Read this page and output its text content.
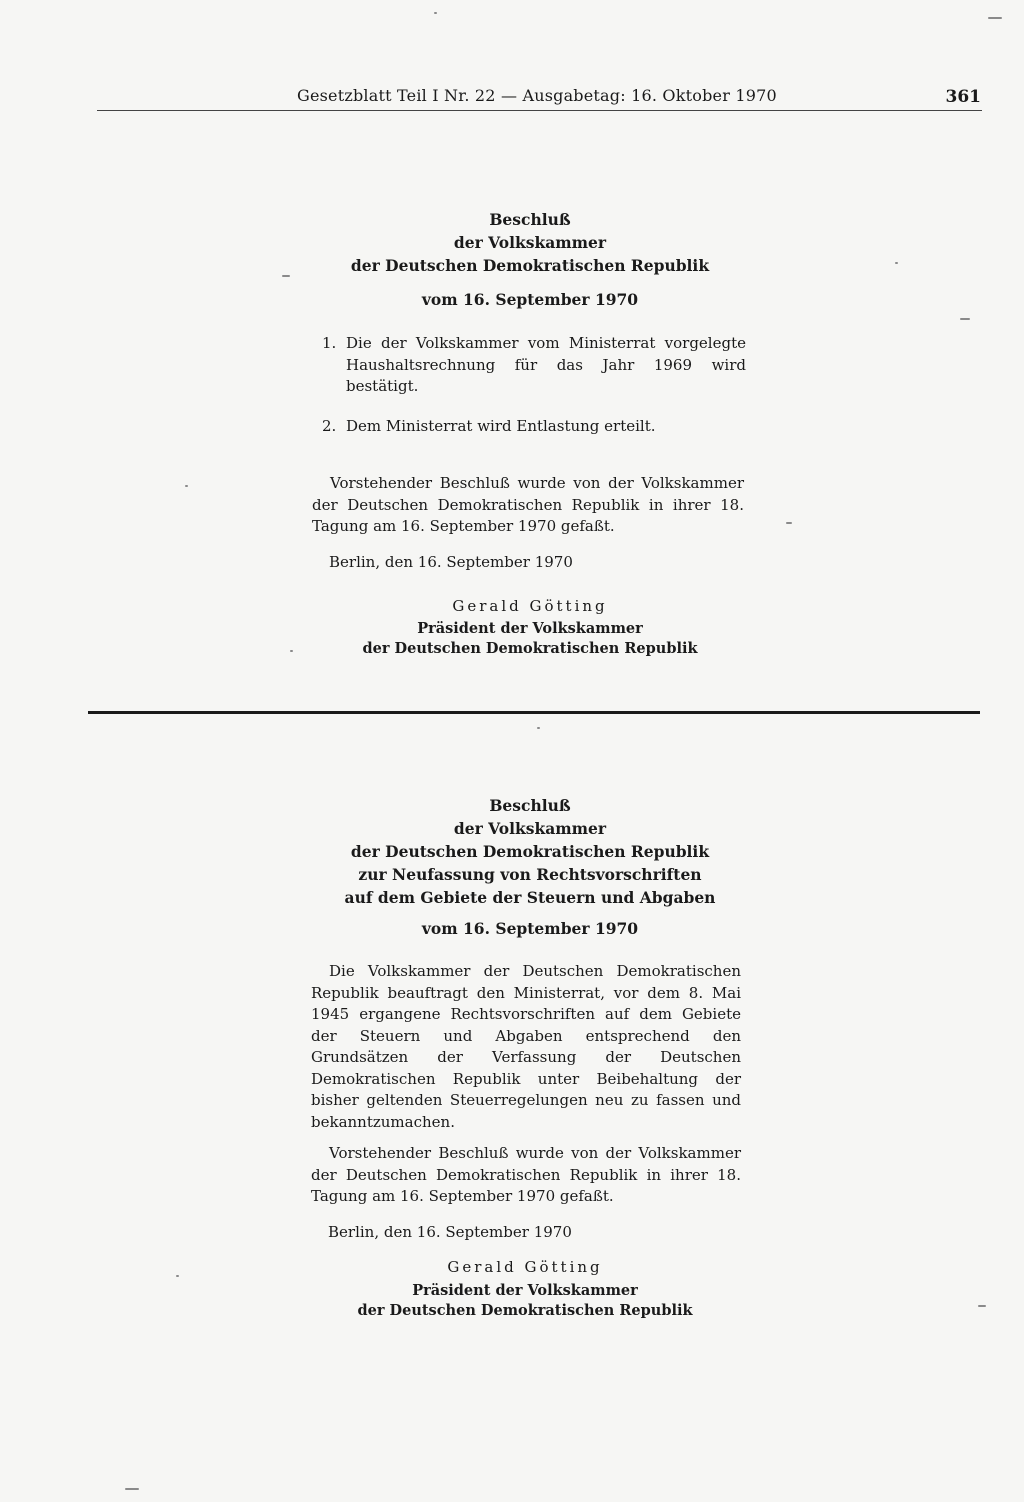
Gesetzblatt Teil I Nr. 22 — Ausgabetag: 16. Oktober 1970	361
Beschluß
der Volkskammer
der Deutschen Demokratischen Republik
vom 16. September 1970
1. Die der Volkskammer vom Ministerrat vorgelegte Haushaltsrechnung für das Jahr 1969 wird bestätigt.
2. Dem Ministerrat wird Entlastung erteilt.
Vorstehender Beschluß wurde von der Volkskammer der Deutschen Demokratischen Republik in ihrer 18. Tagung am 16. September 1970 gefaßt.
Berlin, den 16. September 1970
Gerald Götting
Präsident der Volkskammer
der Deutschen Demokratischen Republik
Beschluß
der Volkskammer
der Deutschen Demokratischen Republik
zur Neufassung von Rechtsvorschriften
auf dem Gebiete der Steuern und Abgaben
vom 16. September 1970
Die Volkskammer der Deutschen Demokratischen Republik beauftragt den Ministerrat, vor dem 8. Mai 1945 ergangene Rechtsvorschriften auf dem Gebiete der Steuern und Abgaben entsprechend den Grundsätzen der Verfassung der Deutschen Demokratischen Republik unter Beibehaltung der bisher geltenden Steuerregelungen neu zu fassen und bekanntzumachen.
Vorstehender Beschluß wurde von der Volkskammer der Deutschen Demokratischen Republik in ihrer 18. Tagung am 16. September 1970 gefaßt.
Berlin, den 16. September 1970
Gerald Götting
Präsident der Volkskammer
der Deutschen Demokratischen Republik
